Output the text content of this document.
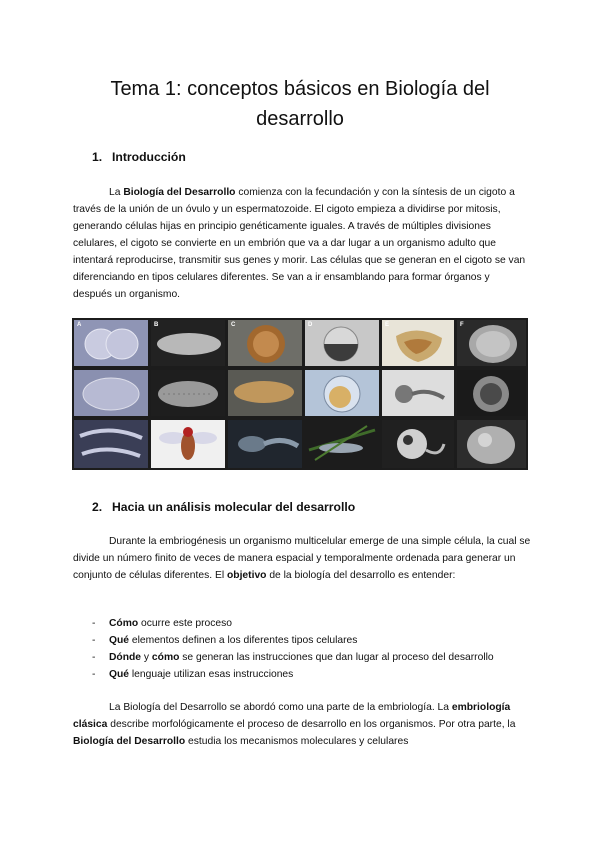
Tema 1: conceptos básicos en Biología del desarrollo
1. Introducción

La Biología del Desarrollo comienza con la fecundación y con la síntesis de un cigoto a través de la unión de un óvulo y un espermatozoide. El cigoto empieza a dividirse por mitosis, generando células hijas en principio genéticamente iguales. A través de múltiples divisiones celulares, el cigoto se convierte en un embrión que va a dar lugar a un organismo adulto que intentará reproducirse, transmitir sus genes y morir. Las células que se generan en el cigoto se van diferenciando en tipos celulares diferentes. Se van a ir ensamblando para formar órganos y después un organismo.

A	B	C	D	E	F
2. Hacia un análisis molecular del desarrollo

Durante la embriogénesis un organismo multicelular emerge de una simple célula, la cual se divide un número finito de veces de manera espacial y temporalmente ordenada para generar un conjunto de células diferentes. El objetivo de la biología del desarrollo es entender:

- Cómo ocurre este proceso
- Qué elementos definen a los diferentes tipos celulares
- Dónde y cómo se generan las instrucciones que dan lugar al proceso del desarrollo
- Qué lenguaje utilizan esas instrucciones

La Biología del Desarrollo se abordó como una parte de la embriología. La embriología clásica describe morfológicamente el proceso de desarrollo en los organismos. Por otra parte, la Biología del Desarrollo estudia los mecanismos moleculares y celulares
